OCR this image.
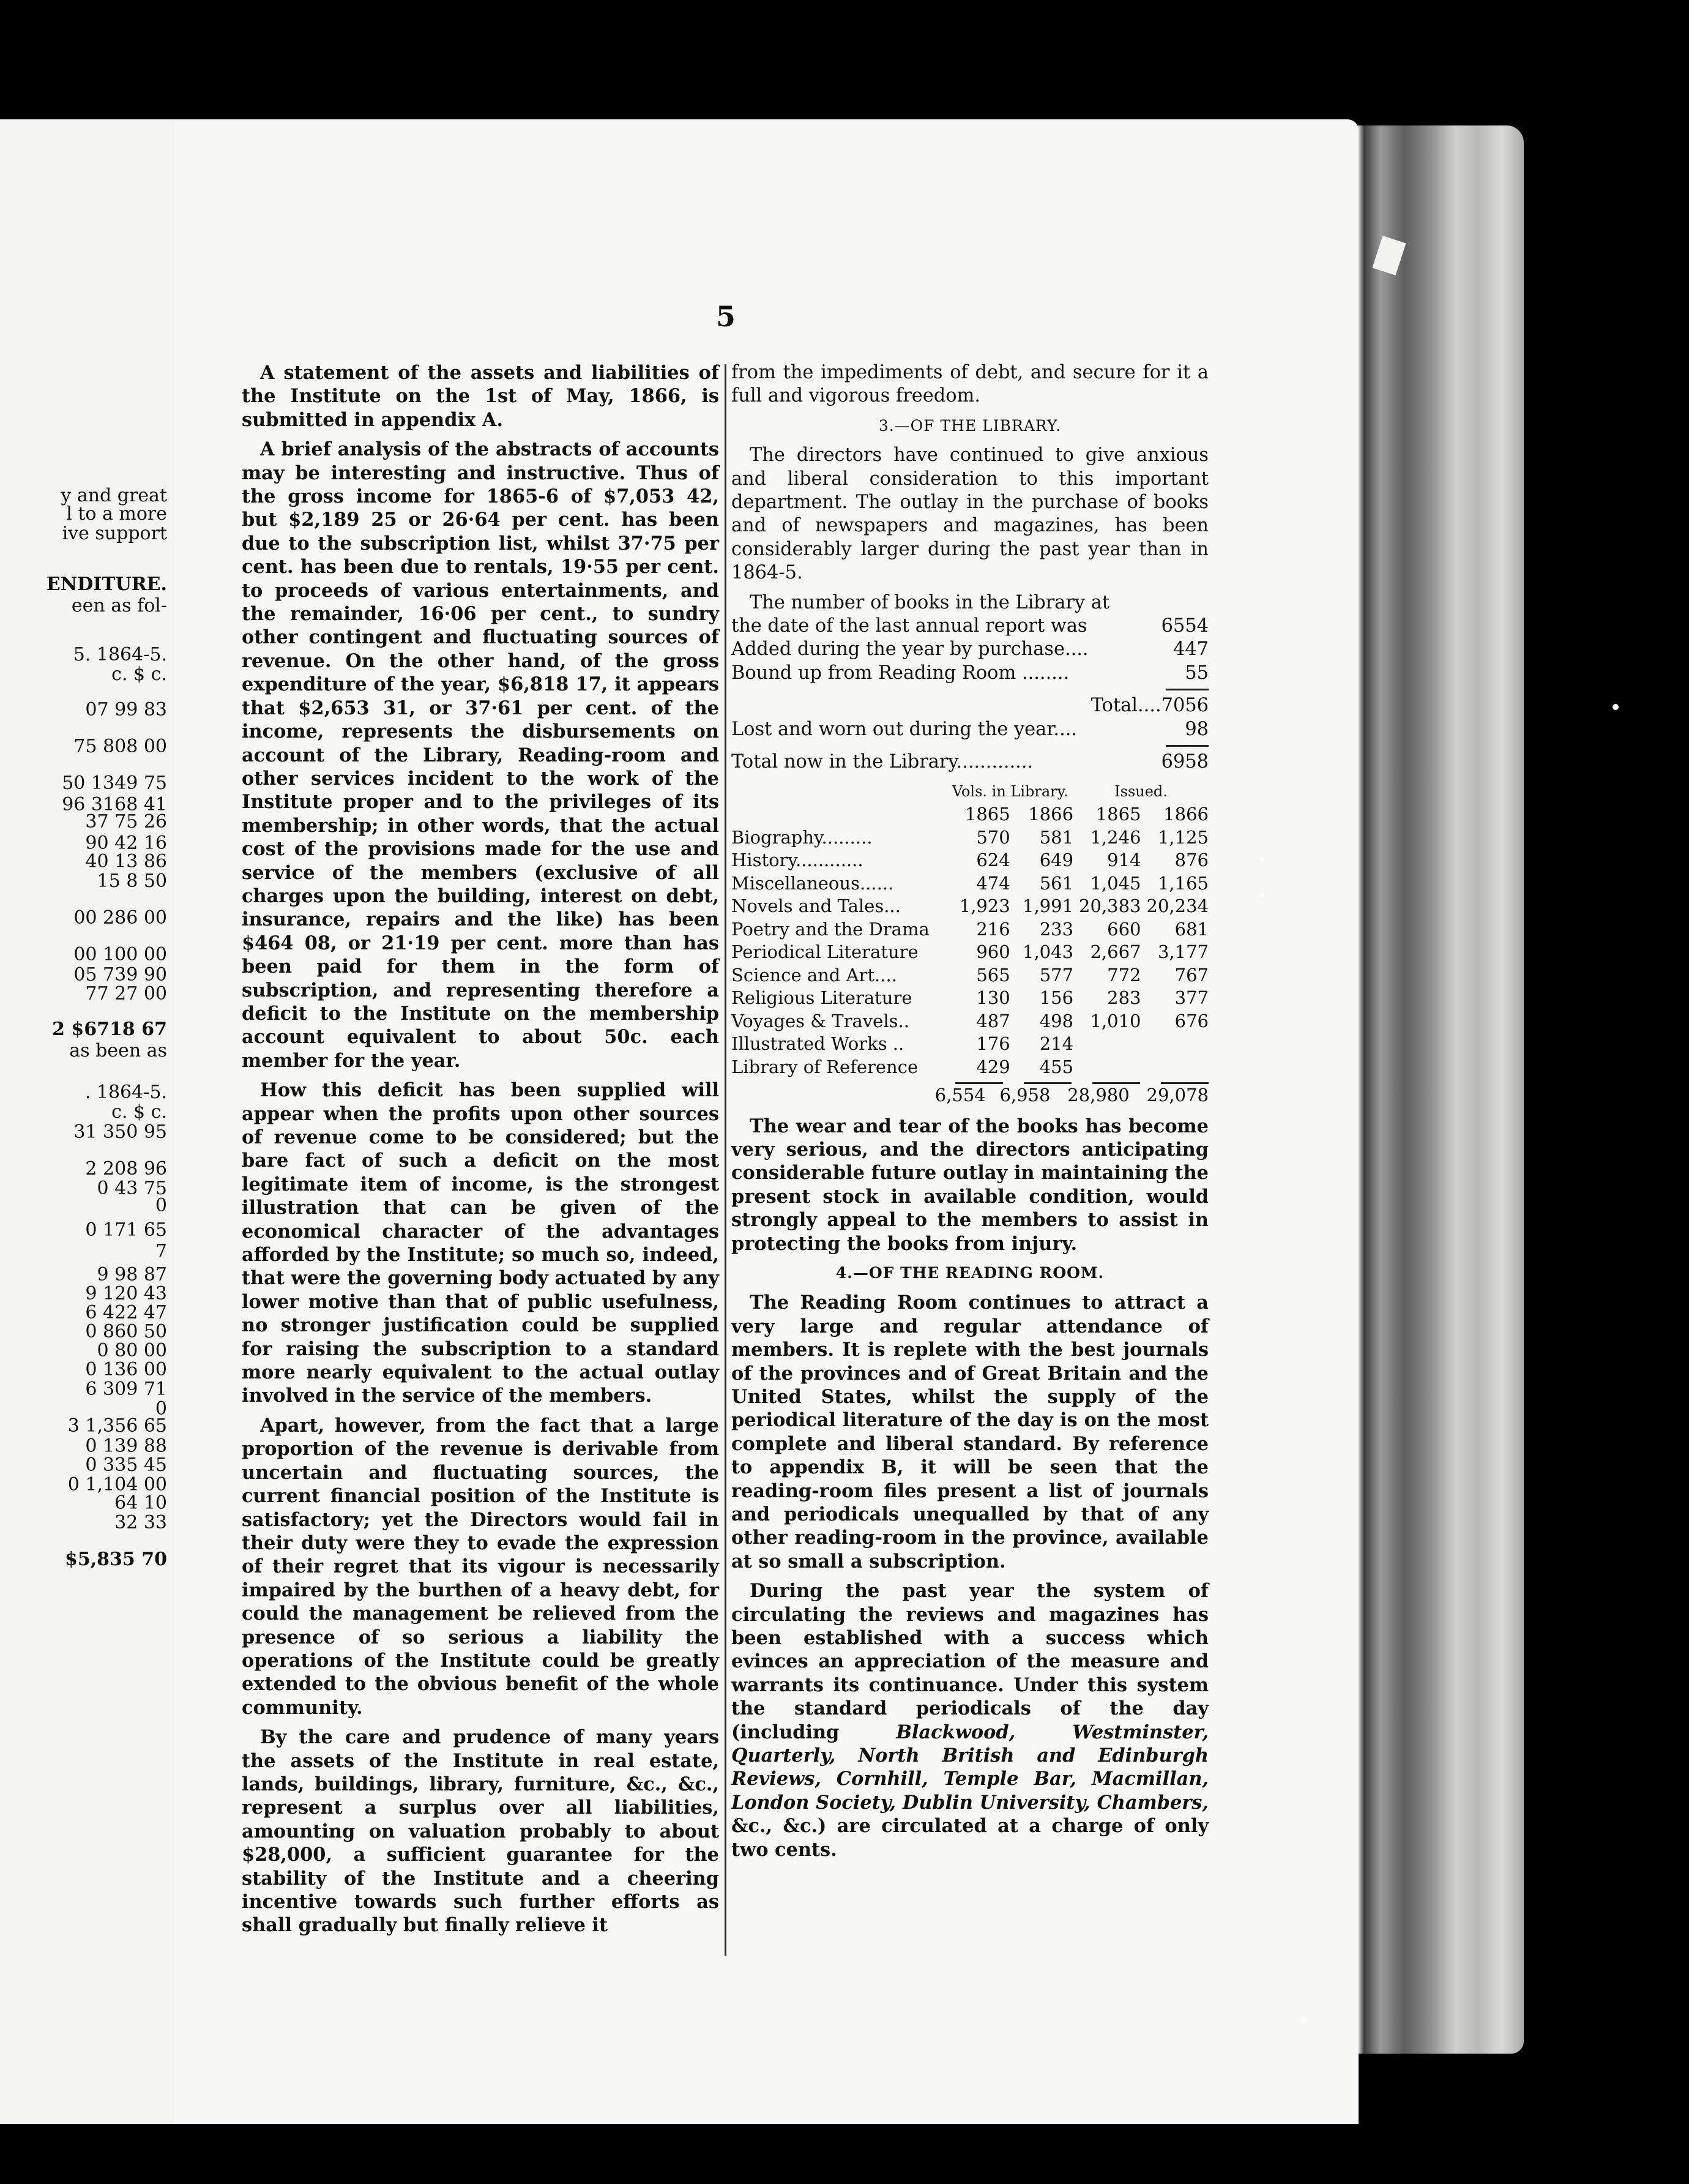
y and great
l to a more
ive support
ENDITURE.
een as fol-
5. 1864-5.
c. $ c.
07 99 83
75 808 00
50 1349 75
96 3168 41
37 75 26
90 42 16
40 13 86
15 8 50
00 286 00
00 100 00
05 739 90
77 27 00
2 $6718 67
as been as
. 1864-5.
c. $ c.
31 350 95
2 208 96
0 43 75
0
0 171 65
7
9 98 87
9 120 43
6 422 47
0 860 50
0 80 00
0 136 00
6 309 71
0
3 1,356 65
0 139 88
0 335 45
0 1,104 00
64 10
32 33
$5,835 70
5

A statement of the assets and liabilities of the Institute on the 1st of May, 1866, is submitted in appendix A.

A brief analysis of the abstracts of accounts may be interesting and instructive. Thus of the gross income for 1865-6 of $7,053 42, but $2,189 25 or 26·64 per cent. has been due to the subscription list, whilst 37·75 per cent. has been due to rentals, 19·55 per cent. to proceeds of various entertainments, and the remainder, 16·06 per cent., to sundry other contingent and fluctuating sources of revenue. On the other hand, of the gross expenditure of the year, $6,818 17, it appears that $2,653 31, or 37·61 per cent. of the income, represents the disbursements on account of the Library, Reading-room and other services incident to the work of the Institute proper and to the privileges of its membership; in other words, that the actual cost of the provisions made for the use and service of the members (exclusive of all charges upon the building, interest on debt, insurance, repairs and the like) has been $464 08, or 21·19 per cent. more than has been paid for them in the form of subscription, and representing therefore a deficit to the Institute on the membership account equivalent to about 50c. each member for the year.

How this deficit has been supplied will appear when the profits upon other sources of revenue come to be considered; but the bare fact of such a deficit on the most legitimate item of income, is the strongest illustration that can be given of the economical character of the advantages afforded by the Institute; so much so, indeed, that were the governing body actuated by any lower motive than that of public usefulness, no stronger justification could be supplied for raising the subscription to a standard more nearly equivalent to the actual outlay involved in the service of the members.

Apart, however, from the fact that a large proportion of the revenue is derivable from uncertain and fluctuating sources, the current financial position of the Institute is satisfactory; yet the Directors would fail in their duty were they to evade the expression of their regret that its vigour is necessarily impaired by the burthen of a heavy debt, for could the management be relieved from the presence of so serious a liability the operations of the Institute could be greatly extended to the obvious benefit of the whole community.

By the care and prudence of many years the assets of the Institute in real estate, lands, buildings, library, furniture, &c., &c., represent a surplus over all liabilities, amounting on valuation probably to about $28,000, a sufficient guarantee for the stability of the Institute and a cheering incentive towards such further efforts as shall gradually but finally relieve it

from the impediments of debt, and secure for it a full and vigorous freedom.

3.—OF THE LIBRARY.

The directors have continued to give anxious and liberal consideration to this important department. The outlay in the purchase of books and of newspapers and magazines, has been considerably larger during the past year than in 1864-5.

The number of books in the Library at

the date of the last annual report was	6554
Added during the year by purchase....	447
Bound up from Reading Room ........	55
Total.... 7056
Lost and worn out during the year....	98
Total now in the Library.............	6958
	Vols. in Library.		Issued.	
	1865	1866	1865	1866
Biography.........	570	581	1,246	1,125
History............	624	649	914	876
Miscellaneous......	474	561	1,045	1,165
Novels and Tales...	1,923	1,991	20,383	20,234
Poetry and the Drama	216	233	660	681
Periodical Literature	960	1,043	2,667	3,177
Science and Art....	565	577	772	767
Religious Literature	130	156	283	377
Voyages & Travels..	487	498	1,010	676
Illustrated Works ..	176	214		
Library of Reference	429	455		
	6,554	6,958	28,980	29,078

The wear and tear of the books has become very serious, and the directors anticipating considerable future outlay in maintaining the present stock in available condition, would strongly appeal to the members to assist in protecting the books from injury.

4.—OF THE READING ROOM.

The Reading Room continues to attract a very large and regular attendance of members. It is replete with the best journals of the provinces and of Great Britain and the United States, whilst the supply of the periodical literature of the day is on the most complete and liberal standard. By reference to appendix B, it will be seen that the reading-room files present a list of journals and periodicals unequalled by that of any other reading-room in the province, available at so small a subscription.

During the past year the system of circulating the reviews and magazines has been established with a success which evinces an appreciation of the measure and warrants its continuance. Under this system the standard periodicals of the day (including	Blackwood, Westminster, Quarterly, North British and Edinburgh Reviews, Cornhill, Temple Bar, Macmillan, London Society, Dublin University, Chambers, &c., &c.) are circulated at a charge of only two cents.
